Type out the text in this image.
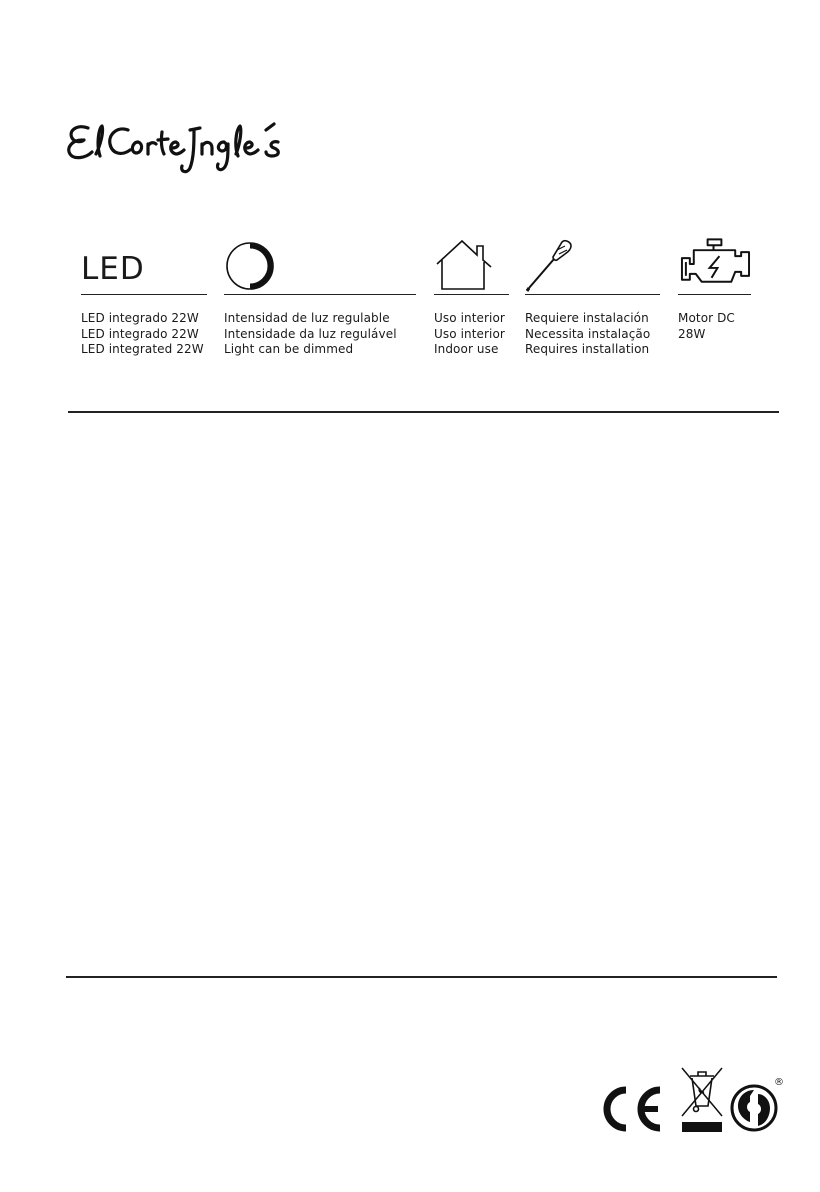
LED
LED integrado 22W
LED integrado 22W
LED integrated 22W
Intensidad de luz regulable
Intensidade da luz regulável
Light can be dimmed
Uso interior
Uso interior
Indoor use
Requiere instalación
Necessita instalação
Requires installation
Motor DC
28W
®
